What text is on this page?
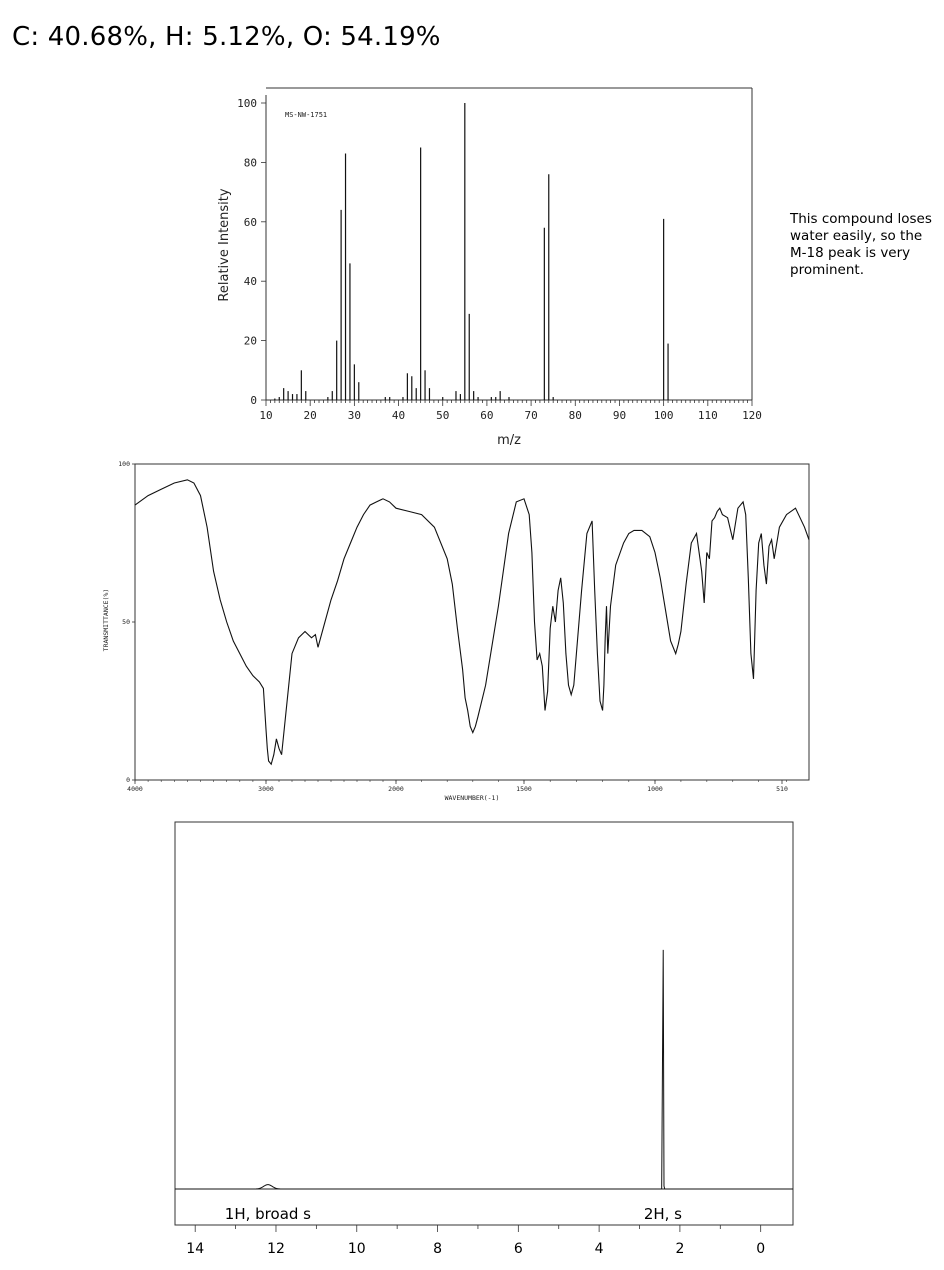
C: 40.68%, H: 5.12%, O: 54.19%
This compound loses
water easily, so the
M-18 peak is very
prominent.
MS-NW-1751
Relative Intensity
m/z
10	20	30	40	50	60	70	80	90	100 110 120
0
20
40
60
80
100
TRANSMITTANCE(%)
WAVENUMBER(-1)
4000	3000	2000	1500	1000	510
0
50
100
14	12	10	8	6	4	2	0
1H, broad s	2H, s
